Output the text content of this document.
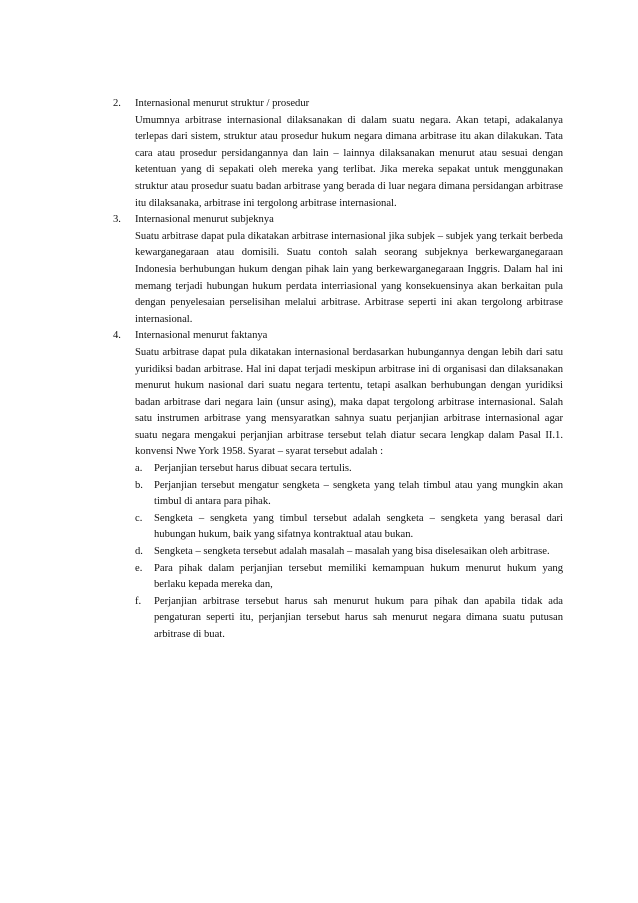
2.	Internasional menurut struktur / prosedur
Umumnya arbitrase internasional dilaksanakan di dalam suatu negara. Akan tetapi, adakalanya terlepas dari sistem, struktur atau prosedur hukum negara dimana arbitrase itu akan dilakukan. Tata cara atau prosedur persidangannya dan lain – lainnya dilaksanakan menurut atau sesuai dengan ketentuan yang di sepakati oleh mereka yang terlibat. Jika mereka sepakat untuk menggunakan struktur atau prosedur suatu badan arbitrase yang berada di luar negara dimana persidangan arbitrase itu dilaksanaka, arbitrase ini tergolong arbitrase internasional.
3.	Internasional menurut subjeknya
Suatu arbitrase dapat pula dikatakan arbitrase internasional jika subjek – subjek yang terkait berbeda kewarganegaraan atau domisili. Suatu contoh salah seorang subjeknya berkewarganegaraan Indonesia berhubungan hukum dengan pihak lain yang berkewarganegaraan Inggris. Dalam hal ini memang terjadi hubungan hukum perdata interriasional yang konsekuensinya akan berkaitan pula dengan penyelesaian perselisihan melalui arbitrase. Arbitrase seperti ini akan tergolong arbitrase internasional.
4.	Internasional menurut faktanya
Suatu arbitrase dapat pula dikatakan internasional berdasarkan hubungannya dengan lebih dari satu yuridiksi badan arbitrase. Hal ini dapat terjadi meskipun arbitrase ini di organisasi dan dilaksanakan menurut hukum nasional dari suatu negara tertentu, tetapi asalkan berhubungan dengan yuridiksi badan arbitrase dari negara lain (unsur asing), maka dapat tergolong arbitrase internasional. Salah satu instrumen arbitrase yang mensyaratkan sahnya suatu perjanjian arbitrase internasional agar suatu negara mengakui perjanjian arbitrase tersebut telah diatur secara lengkap dalam Pasal II.1. konvensi Nwe York 1958. Syarat – syarat tersebut adalah :
a.	Perjanjian tersebut harus dibuat secara tertulis.
b.	Perjanjian tersebut mengatur sengketa – sengketa yang telah timbul atau yang mungkin akan timbul di antara para pihak.
c.	Sengketa – sengketa yang timbul tersebut adalah sengketa – sengketa yang berasal dari hubungan hukum, baik yang sifatnya kontraktual atau bukan.
d.	Sengketa – sengketa tersebut adalah masalah – masalah yang bisa diselesaikan oleh arbitrase.
e.	Para pihak dalam perjanjian tersebut memiliki kemampuan hukum menurut hukum yang berlaku kepada mereka dan,
f.	Perjanjian arbitrase tersebut harus sah menurut hukum para pihak dan apabila tidak ada pengaturan seperti itu, perjanjian tersebut harus sah menurut negara dimana suatu putusan arbitrase di buat.
